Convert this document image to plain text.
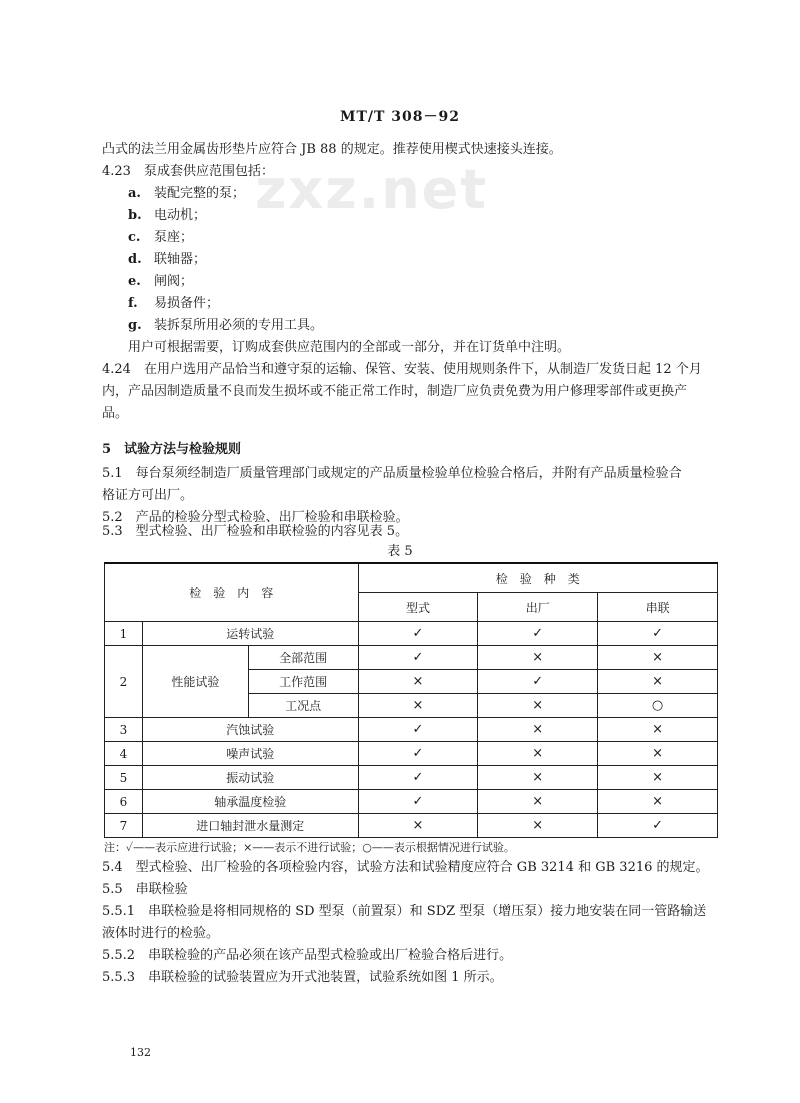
zxz.net
MT/T 308－92
凸式的法兰用金属齿形垫片应符合 JB 88 的规定。推荐使用楔式快速接头连接。
4.23　泵成套供应范围包括：
a. 装配完整的泵；
b. 电动机；
c. 泵座；
d. 联轴器；
e. 闸阀；
f. 易损备件；
g. 装拆泵所用必须的专用工具。
用户可根据需要，订购成套供应范围内的全部或一部分，并在订货单中注明。
4.24　在用户选用产品恰当和遵守泵的运输、保管、安装、使用规则条件下，从制造厂发货日起 12 个月
内，产品因制造质量不良而发生损坏或不能正常工作时，制造厂应负责免费为用户修理零部件或更换产
品。
5　试验方法与检验规则
5.1　每台泵须经制造厂质量管理部门或规定的产品质量检验单位检验合格后，并附有产品质量检验合
格证方可出厂。
5.2　产品的检验分型式检验、出厂检验和串联检验。
表 5
检　验　内　容			检　验　种　类		
			型式	出厂	串联
1	运转试验		✓	✓	✓
2	性能试验	全部范围	✓	×	×
		工作范围	×	✓	×
		工况点	×	×	○
3	汽蚀试验		✓	×	×
4	噪声试验		✓	×	×
5	振动试验		✓	×	×
6	轴承温度检验		✓	×	×
7	进口轴封泄水量测定		×	×	✓
注：✓——表示应进行试验；×——表示不进行试验；○——表示根据情况进行试验。
5.4　型式检验、出厂检验的各项检验内容，试验方法和试验精度应符合 GB 3214 和 GB 3216 的规定。
5.5　串联检验
5.5.1　串联检验是将相同规格的 SD 型泵（前置泵）和 SDZ 型泵（增压泵）接力地安装在同一管路输送
液体时进行的检验。
5.5.2　串联检验的产品必须在该产品型式检验或出厂检验合格后进行。
5.5.3　串联检验的试验装置应为开式池装置，试验系统如图 1 所示。
132
5.3　型式检验、出厂检验和串联检验的内容见表 5。
